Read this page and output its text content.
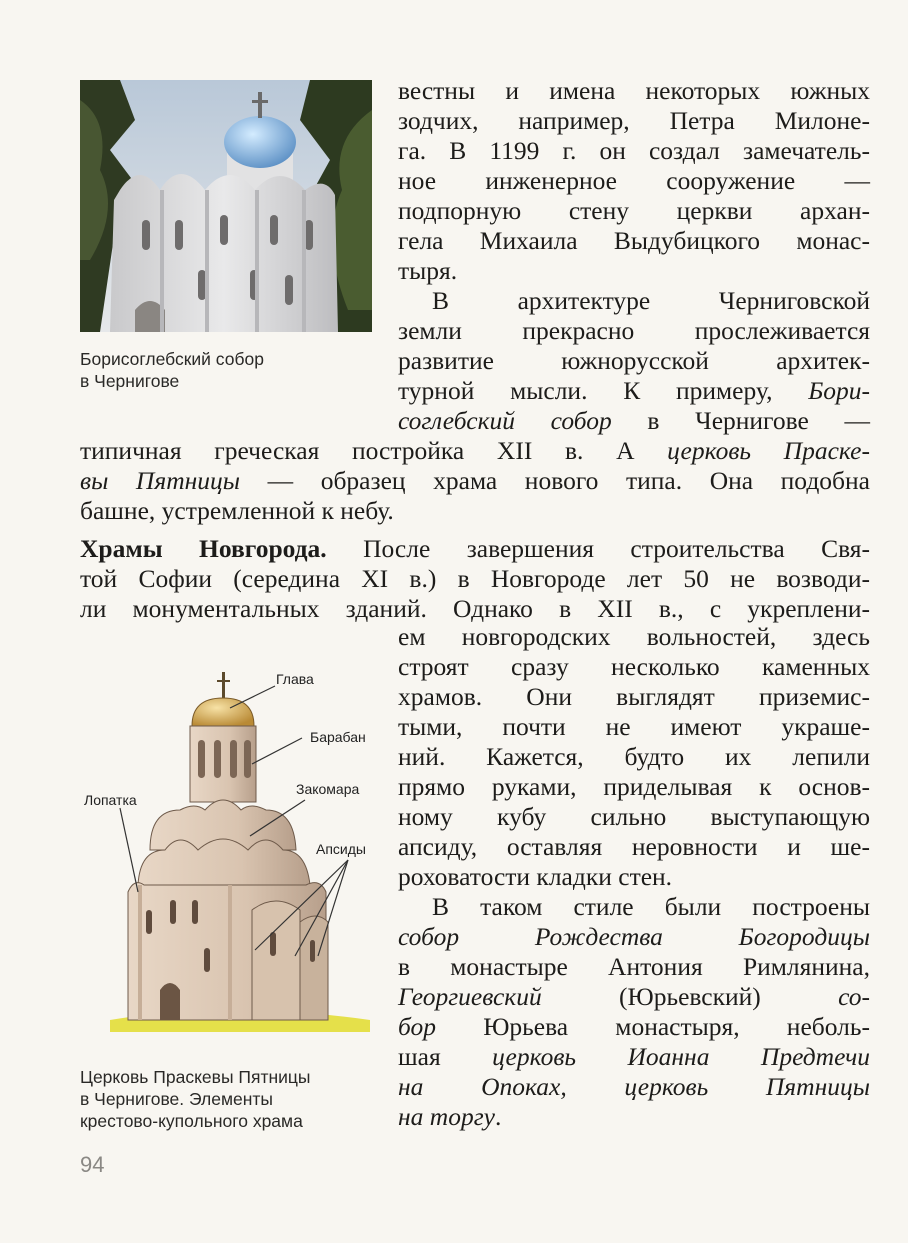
Борисоглебский собор
в Чернигове
вестны и имена некоторых южных
зодчих, например, Петра Милоне-
га. В 1199 г. он создал замечатель-
ное инженерное сооружение —
подпорную стену церкви архан-
гела Михаила Выдубицкого монас-
тыря.
В архитектуре Черниговской
земли прекрасно прослеживается
развитие южнорусской архитек-
турной мысли. К примеру, Бори-
соглебский собор в Чернигове —
типичная греческая постройка XII в. А церковь Праске-
вы Пятницы — образец храма нового типа. Она подобна
башне, устремленной к небу.
Храмы Новгорода. После завершения строительства Свя-
той Софии (середина XI в.) в Новгороде лет 50 не возводи-
ли монументальных зданий. Однако в XII в., с укреплени-
Глава
Барабан
Закомара
Лопатка
Апсиды
Церковь Праскевы Пятницы
в Чернигове. Элементы
крестово-купольного храма
ем новгородских вольностей, здесь
строят сразу несколько каменных
храмов. Они выглядят приземис-
тыми, почти не имеют украше-
ний. Кажется, будто их лепили
прямо руками, приделывая к основ-
ному кубу сильно выступающую
апсиду, оставляя неровности и ше-
роховатости кладки стен.
В таком стиле были построены
собор Рождества Богородицы
в монастыре Антония Римлянина,
Георгиевский	(Юрьевский)	со-
бор Юрьева монастыря, неболь-
шая церковь Иоанна Предтечи
на Опоках, церковь Пятницы
на торгу.
94
